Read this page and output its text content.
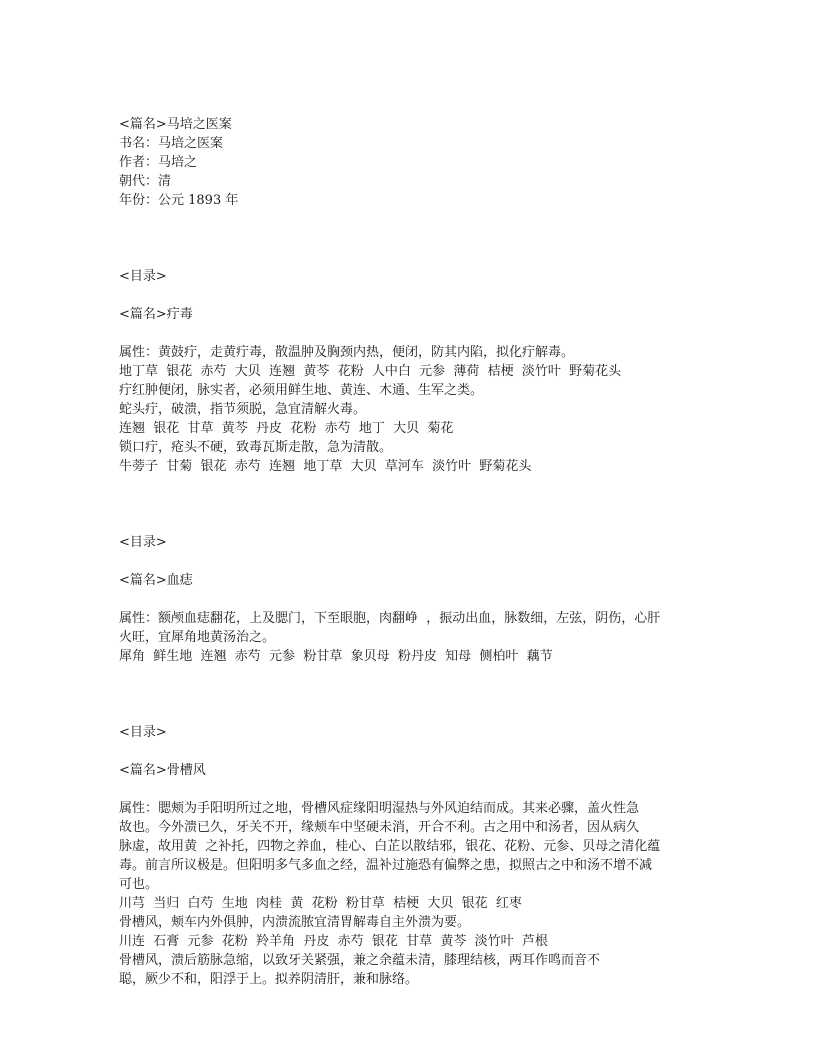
<篇名>马培之医案

书名：马培之医案

作者：马培之

朝代：清

年份：公元 1893 年

<目录>

<篇名>疔毒

属性：黄鼓疔，走黄疔毒，散温肿及胸颈内热，便闭，防其内陷，拟化疔解毒。

地丁草  银花  赤芍  大贝  连翘  黄芩  花粉  人中白  元参  薄荷  桔梗  淡竹叶  野菊花头

疔红肿便闭，脉实者，必须用鲜生地、黄连、木通、生军之类。

蛇头疔，破溃，指节须脱，急宜清解火毒。

连翘  银花  甘草  黄芩  丹皮  花粉  赤芍  地丁  大贝  菊花

锁口疔，疮头不硬，致毒瓦斯走散，急为清散。

牛蒡子  甘菊  银花  赤芍  连翘  地丁草  大贝  草河车  淡竹叶  野菊花头

<目录>

<篇名>血痣

属性：额颅血痣翻花，上及腮门，下至眼胞，肉翻峥  ，振动出血，脉数细，左弦，阴伤，心肝

火旺，宜犀角地黄汤治之。

犀角  鲜生地  连翘  赤芍  元参  粉甘草  象贝母  粉丹皮  知母  侧柏叶  藕节

<目录>

<篇名>骨槽风

属性：腮颊为手阳明所过之地，骨槽风症缘阳明湿热与外风迫结而成。其来必骤，盖火性急

故也。今外溃已久，牙关不开，缘颊车中坚硬未消，开合不利。古之用中和汤者，因从病久

脉虚，故用黄  之补托，四物之养血，桂心、白芷以散结邪，银花、花粉、元参、贝母之清化蕴

毒。前言所议极是。但阳明多气多血之经，温补过施恐有偏弊之患，拟照古之中和汤不增不减

可也。

川芎  当归  白芍  生地  肉桂  黄  花粉  粉甘草  桔梗  大贝  银花  红枣

骨槽风，颊车内外俱肿，内溃流脓宜清胃解毒自主外溃为要。

川连  石膏  元参  花粉  羚羊角  丹皮  赤芍  银花  甘草  黄芩  淡竹叶  芦根

骨槽风，溃后筋脉急缩，以致牙关紧强，兼之余蕴未清，膝理结核，两耳作鸣而音不

聪，厥少不和，阳浮于上。拟养阴清肝，兼和脉络。
